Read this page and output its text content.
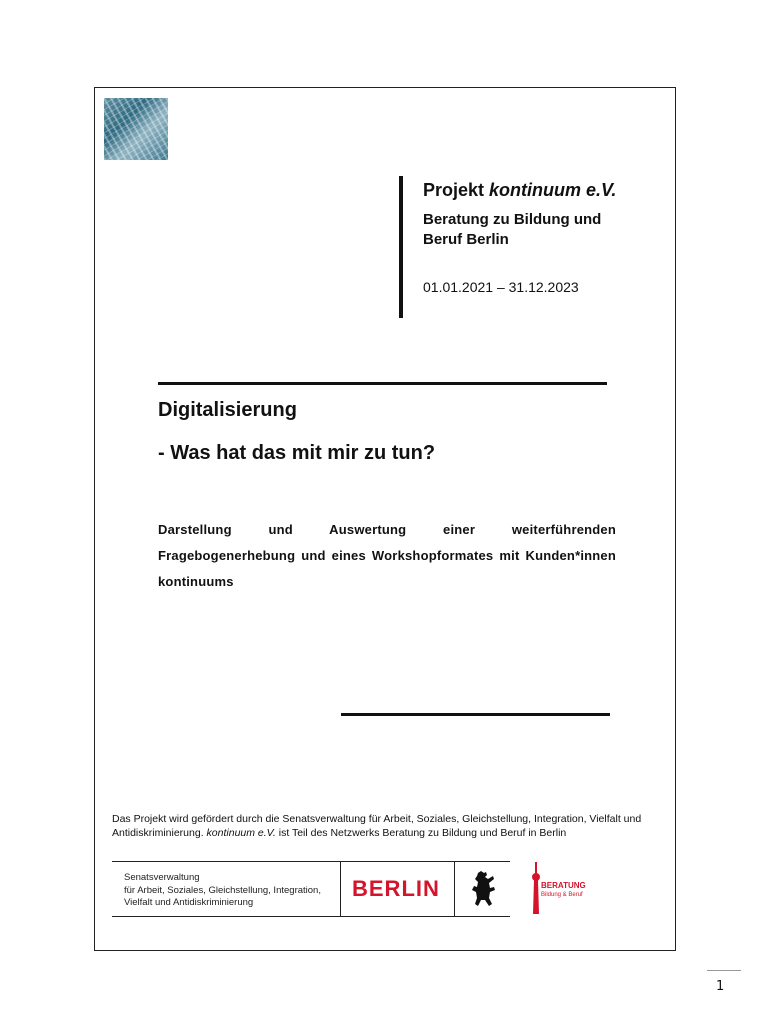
Projekt kontinuum e.V.
Beratung zu Bildung und
Beruf Berlin
01.01.2021 – 31.12.2023
Digitalisierung
- Was hat das mit mir zu tun?
Darstellung und Auswertung einer weiterführenden Fragebogenerhebung und eines Workshopformates mit Kunden*innen kontinuums
Das Projekt wird gefördert durch die Senatsverwaltung für Arbeit, Soziales, Gleichstellung, Integration, Vielfalt und Antidiskriminierung. kontinuum e.V. ist Teil des Netzwerks Beratung zu Bildung und Beruf in Berlin
Senatsverwaltung
für Arbeit, Soziales, Gleichstellung, Integration,
Vielfalt und Antidiskriminierung
BERLIN	BERATUNG
Bildung & Beruf
1
